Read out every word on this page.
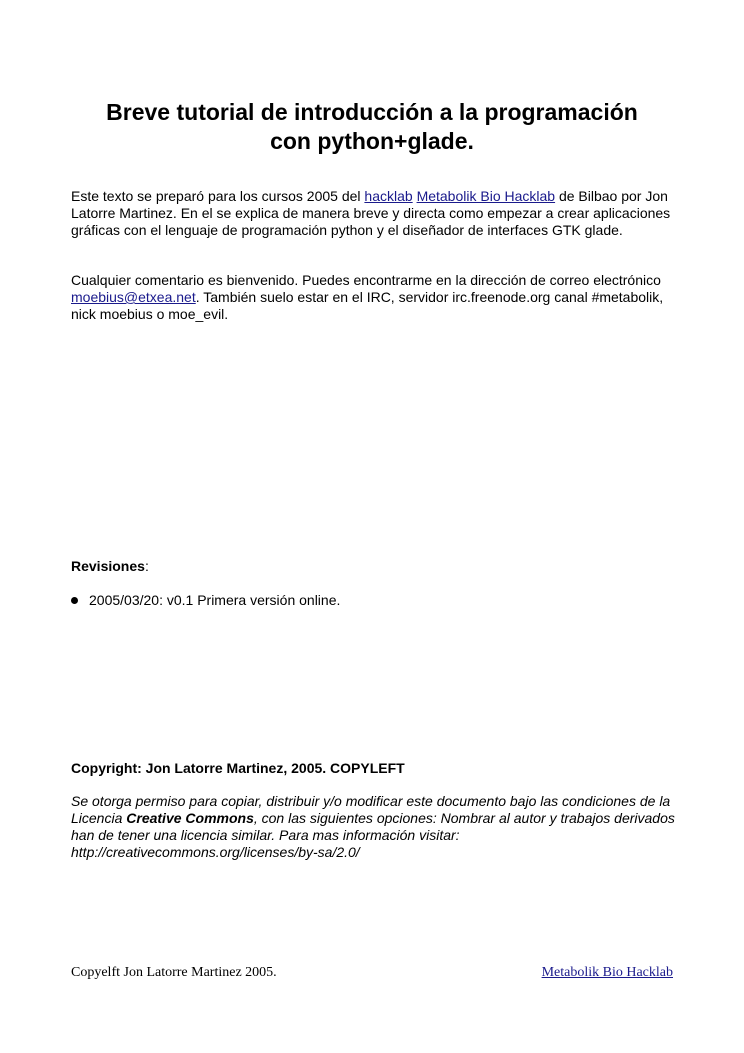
Breve tutorial de introducción a la programación
con python+glade.

Este texto se preparó para los cursos 2005 del hacklab Metabolik Bio Hacklab de Bilbao por Jon Latorre Martinez. En el se explica de manera breve y directa como empezar a crear aplicaciones gráficas con el lenguaje de programación python y el diseñador de interfaces GTK glade.

Cualquier comentario es bienvenido. Puedes encontrarme en la dirección de correo electrónico moebius@etxea.net. También suelo estar en el IRC, servidor irc.freenode.org canal #metabolik, nick moebius o moe_evil.

Revisiones:

2005/03/20: v0.1 Primera versión online.

Copyright: Jon Latorre Martinez, 2005. COPYLEFT

Se otorga permiso para copiar, distribuir y/o modificar este documento bajo las condiciones de la Licencia Creative Commons, con las siguientes opciones: Nombrar al autor y trabajos derivados han de tener una licencia similar. Para mas información visitar: http://creativecommons.org/licenses/by-sa/2.0/

Copyelft Jon Latorre Martinez 2005.	Metabolik Bio Hacklab
